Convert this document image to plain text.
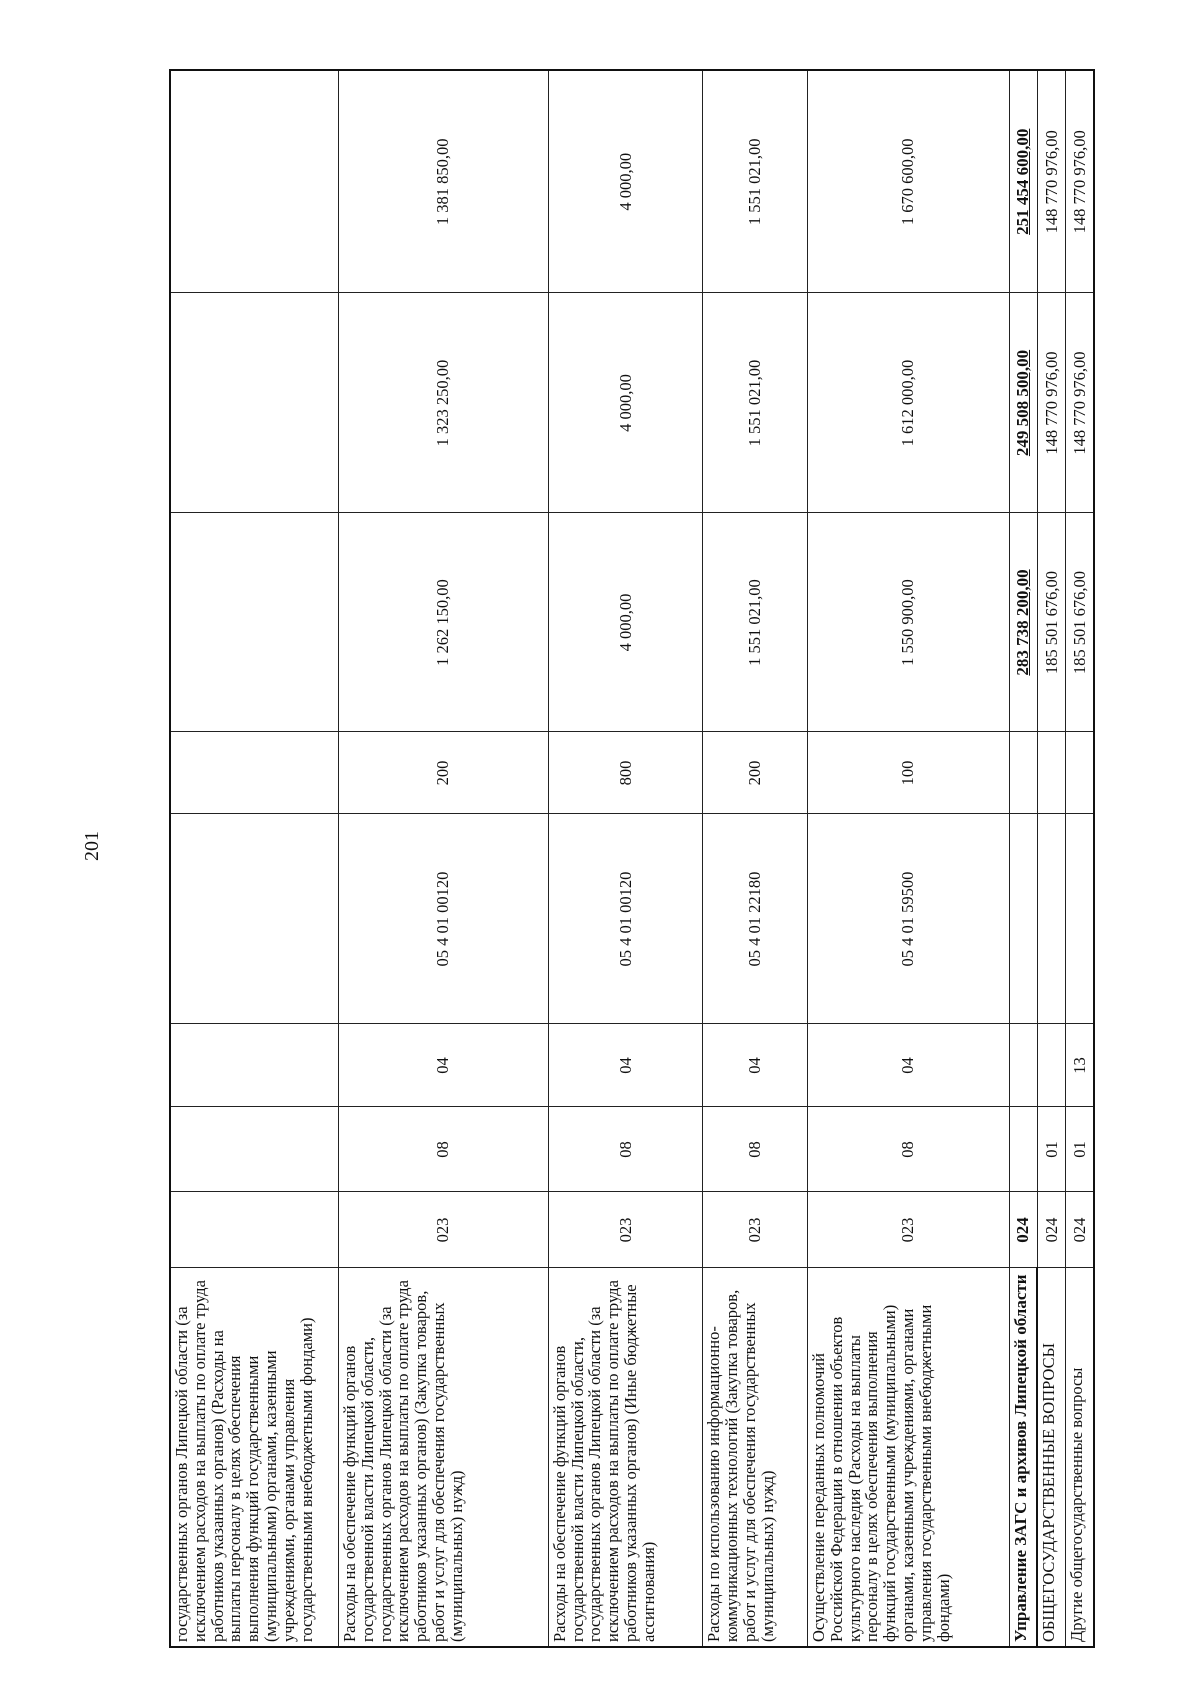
201
государственных органов Липецкой области (за исключением расходов на выплаты по оплате труда работников указанных органов) (Расходы на выплаты персоналу в целях обеспечения выполнения функций государственными (муниципальными) органами, казенными учреждениями, органами управления государственными внебюджетными фондами)								
Расходы на обеспечение функций органов государственной власти Липецкой области, государственных органов Липецкой области (за исключением расходов на выплаты по оплате труда работников указанных органов) (Закупка товаров, работ и услуг для обеспечения государственных (муниципальных) нужд)	023	08	04	05 4 01 00120	200	1 262 150,00	1 323 250,00	1 381 850,00
Расходы на обеспечение функций органов государственной власти Липецкой области, государственных органов Липецкой области (за исключением расходов на выплаты по оплате труда работников указанных органов) (Иные бюджетные ассигнования)	023	08	04	05 4 01 00120	800	4 000,00	4 000,00	4 000,00
Расходы по использованию информационно-коммуникационных технологий (Закупка товаров, работ и услуг для обеспечения государственных (муниципальных) нужд)	023	08	04	05 4 01 22180	200	1 551 021,00	1 551 021,00	1 551 021,00
Осуществление переданных полномочий Российской Федерации в отношении объектов культурного наследия (Расходы на выплаты персоналу в целях обеспечения выполнения функций государственными (муниципальными) органами, казенными учреждениями, органами управления государственными внебюджетными фондами)	023	08	04	05 4 01 59500	100	1 550 900,00	1 612 000,00	1 670 600,00
Управление ЗАГС и архивов Липецкой области	024					283 738 200,00	249 508 500,00	251 454 600,00
ОБЩЕГОСУДАРСТВЕННЫЕ ВОПРОСЫ	024	01				185 501 676,00	148 770 976,00	148 770 976,00
Другие общегосударственные вопросы	024	01	13			185 501 676,00	148 770 976,00	148 770 976,00
